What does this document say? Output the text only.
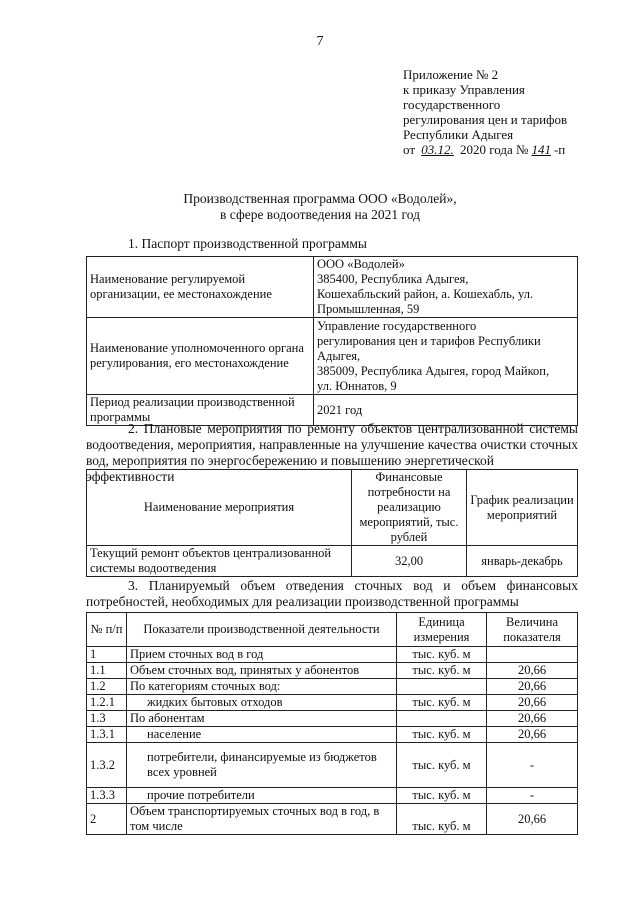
7
Приложение № 2
к приказу Управления
государственного
регулирования цен и тарифов
Республики Адыгея
от 03.12. 2020 года № 141 -п
Производственная программа ООО «Водолей»,
в сфере водоотведения на 2021 год
1. Паспорт производственной программы
Наименование регулируемой организации, ее местонахождение	ООО «Водолей»
385400, Республика Адыгея,
Кошехабльский район, а. Кошехабль, ул.
Промышленная, 59

Наименование уполномоченного органа регулирования, его местонахождение	Управление государственного
регулирования цен и тарифов Республики
Адыгея,
385009, Республика Адыгея, город Майкоп,
ул. Юннатов, 9

Период реализации производственной программы	2021 год
2. Плановые мероприятия по ремонту объектов централизованной системы
водоотведения, мероприятия, направленные на улучшение качества очистки сточных
вод, мероприятия по энергосбережению и повышению энергетической эффективности
Наименование мероприятия	Финансовые потребности на реализацию мероприятий, тыс. рублей	График реализации мероприятий
Текущий ремонт объектов централизованной системы водоотведения	32,00	январь-декабрь
3. Планируемый объем отведения сточных вод и объем финансовых
потребностей, необходимых для реализации производственной программы
№ п/п	Показатели производственной деятельности	Единица измерения	Величина показателя
1	Прием сточных вод в год	тыс. куб. м	
1.1	Объем сточных вод, принятых у абонентов	тыс. куб. м	20,66
1.2	По категориям сточных вод:		20,66
1.2.1	жидких бытовых отходов	тыс. куб. м	20,66
1.3	По абонентам		20,66
1.3.1	население	тыс. куб. м	20,66
1.3.2	потребители, финансируемые из бюджетов всех уровней	тыс. куб. м	-
1.3.3	прочие потребители	тыс. куб. м	-
2	Объем транспортируемых сточных вод в год, в том числе	тыс. куб. м	20,66
